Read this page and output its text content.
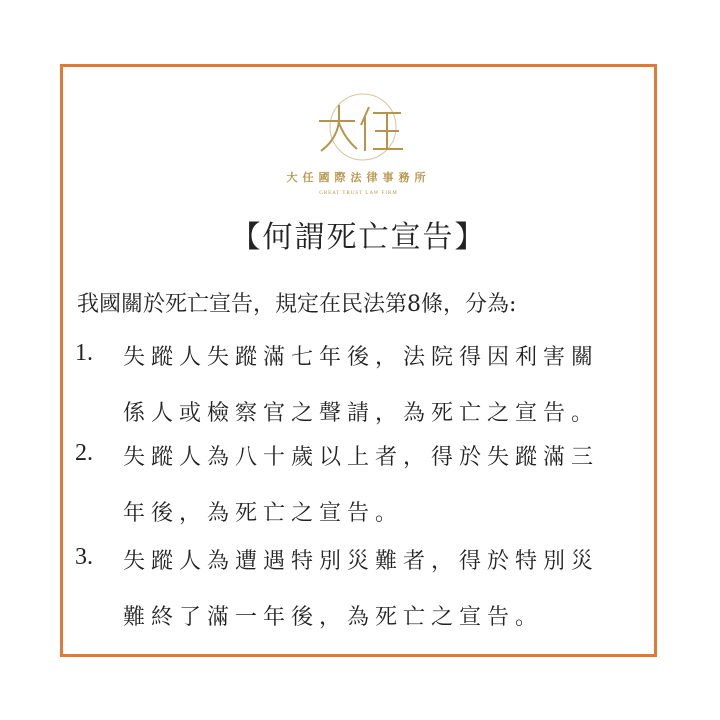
大任國際法律事務所
GREAT TRUST LAW FIRM
【何謂死亡宣告】
我國關於死亡宣告，規定在民法第8條，分為:
1. 失蹤人失蹤滿七年後，法院得因利害關
係人或檢察官之聲請，為死亡之宣告。
2. 失蹤人為八十歲以上者，得於失蹤滿三
年後，為死亡之宣告。
3. 失蹤人為遭遇特別災難者，得於特別災
難終了滿一年後，為死亡之宣告。
